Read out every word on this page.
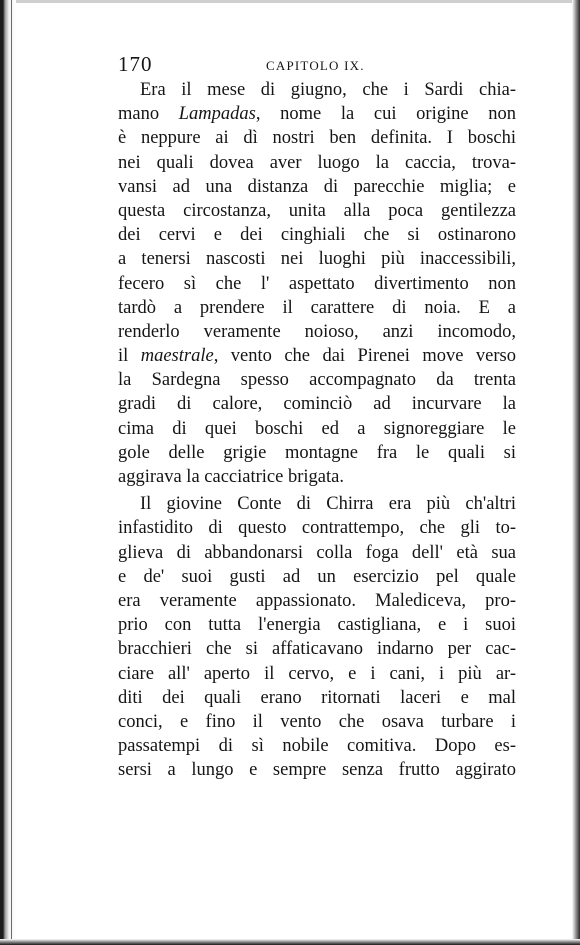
170	CAPITOLO IX.
Era il mese di giugno, che i Sardi chia-
mano Lampadas, nome la cui origine non
è neppure ai dì nostri ben definita. I boschi
nei quali dovea aver luogo la caccia, trova-
vansi ad una distanza di parecchie miglia; e
questa circostanza, unita alla poca gentilezza
dei cervi e dei cinghiali che si ostinarono
a tenersi nascosti nei luoghi più inaccessibili,
fecero sì che l' aspettato divertimento non
tardò a prendere il carattere di noia. E a
renderlo veramente noioso, anzi incomodo,
il maestrale, vento che dai Pirenei move verso
la Sardegna spesso accompagnato da trenta
gradi di calore, cominciò ad incurvare la
cima di quei boschi ed a signoreggiare le
gole delle grigie montagne fra le quali si
aggirava la cacciatrice brigata.
Il giovine Conte di Chirra era più ch'altri
infastidito di questo contrattempo, che gli to-
glieva di abbandonarsi colla foga dell' età sua
e de' suoi gusti ad un esercizio pel quale
era veramente appassionato. Malediceva, pro-
prio con tutta l'energia castigliana, e i suoi
bracchieri che si affaticavano indarno per cac-
ciare all' aperto il cervo, e i cani, i più ar-
diti dei quali erano ritornati laceri e mal
conci, e fino il vento che osava turbare i
passatempi di sì nobile comitiva. Dopo es-
sersi a lungo e sempre senza frutto aggirato
